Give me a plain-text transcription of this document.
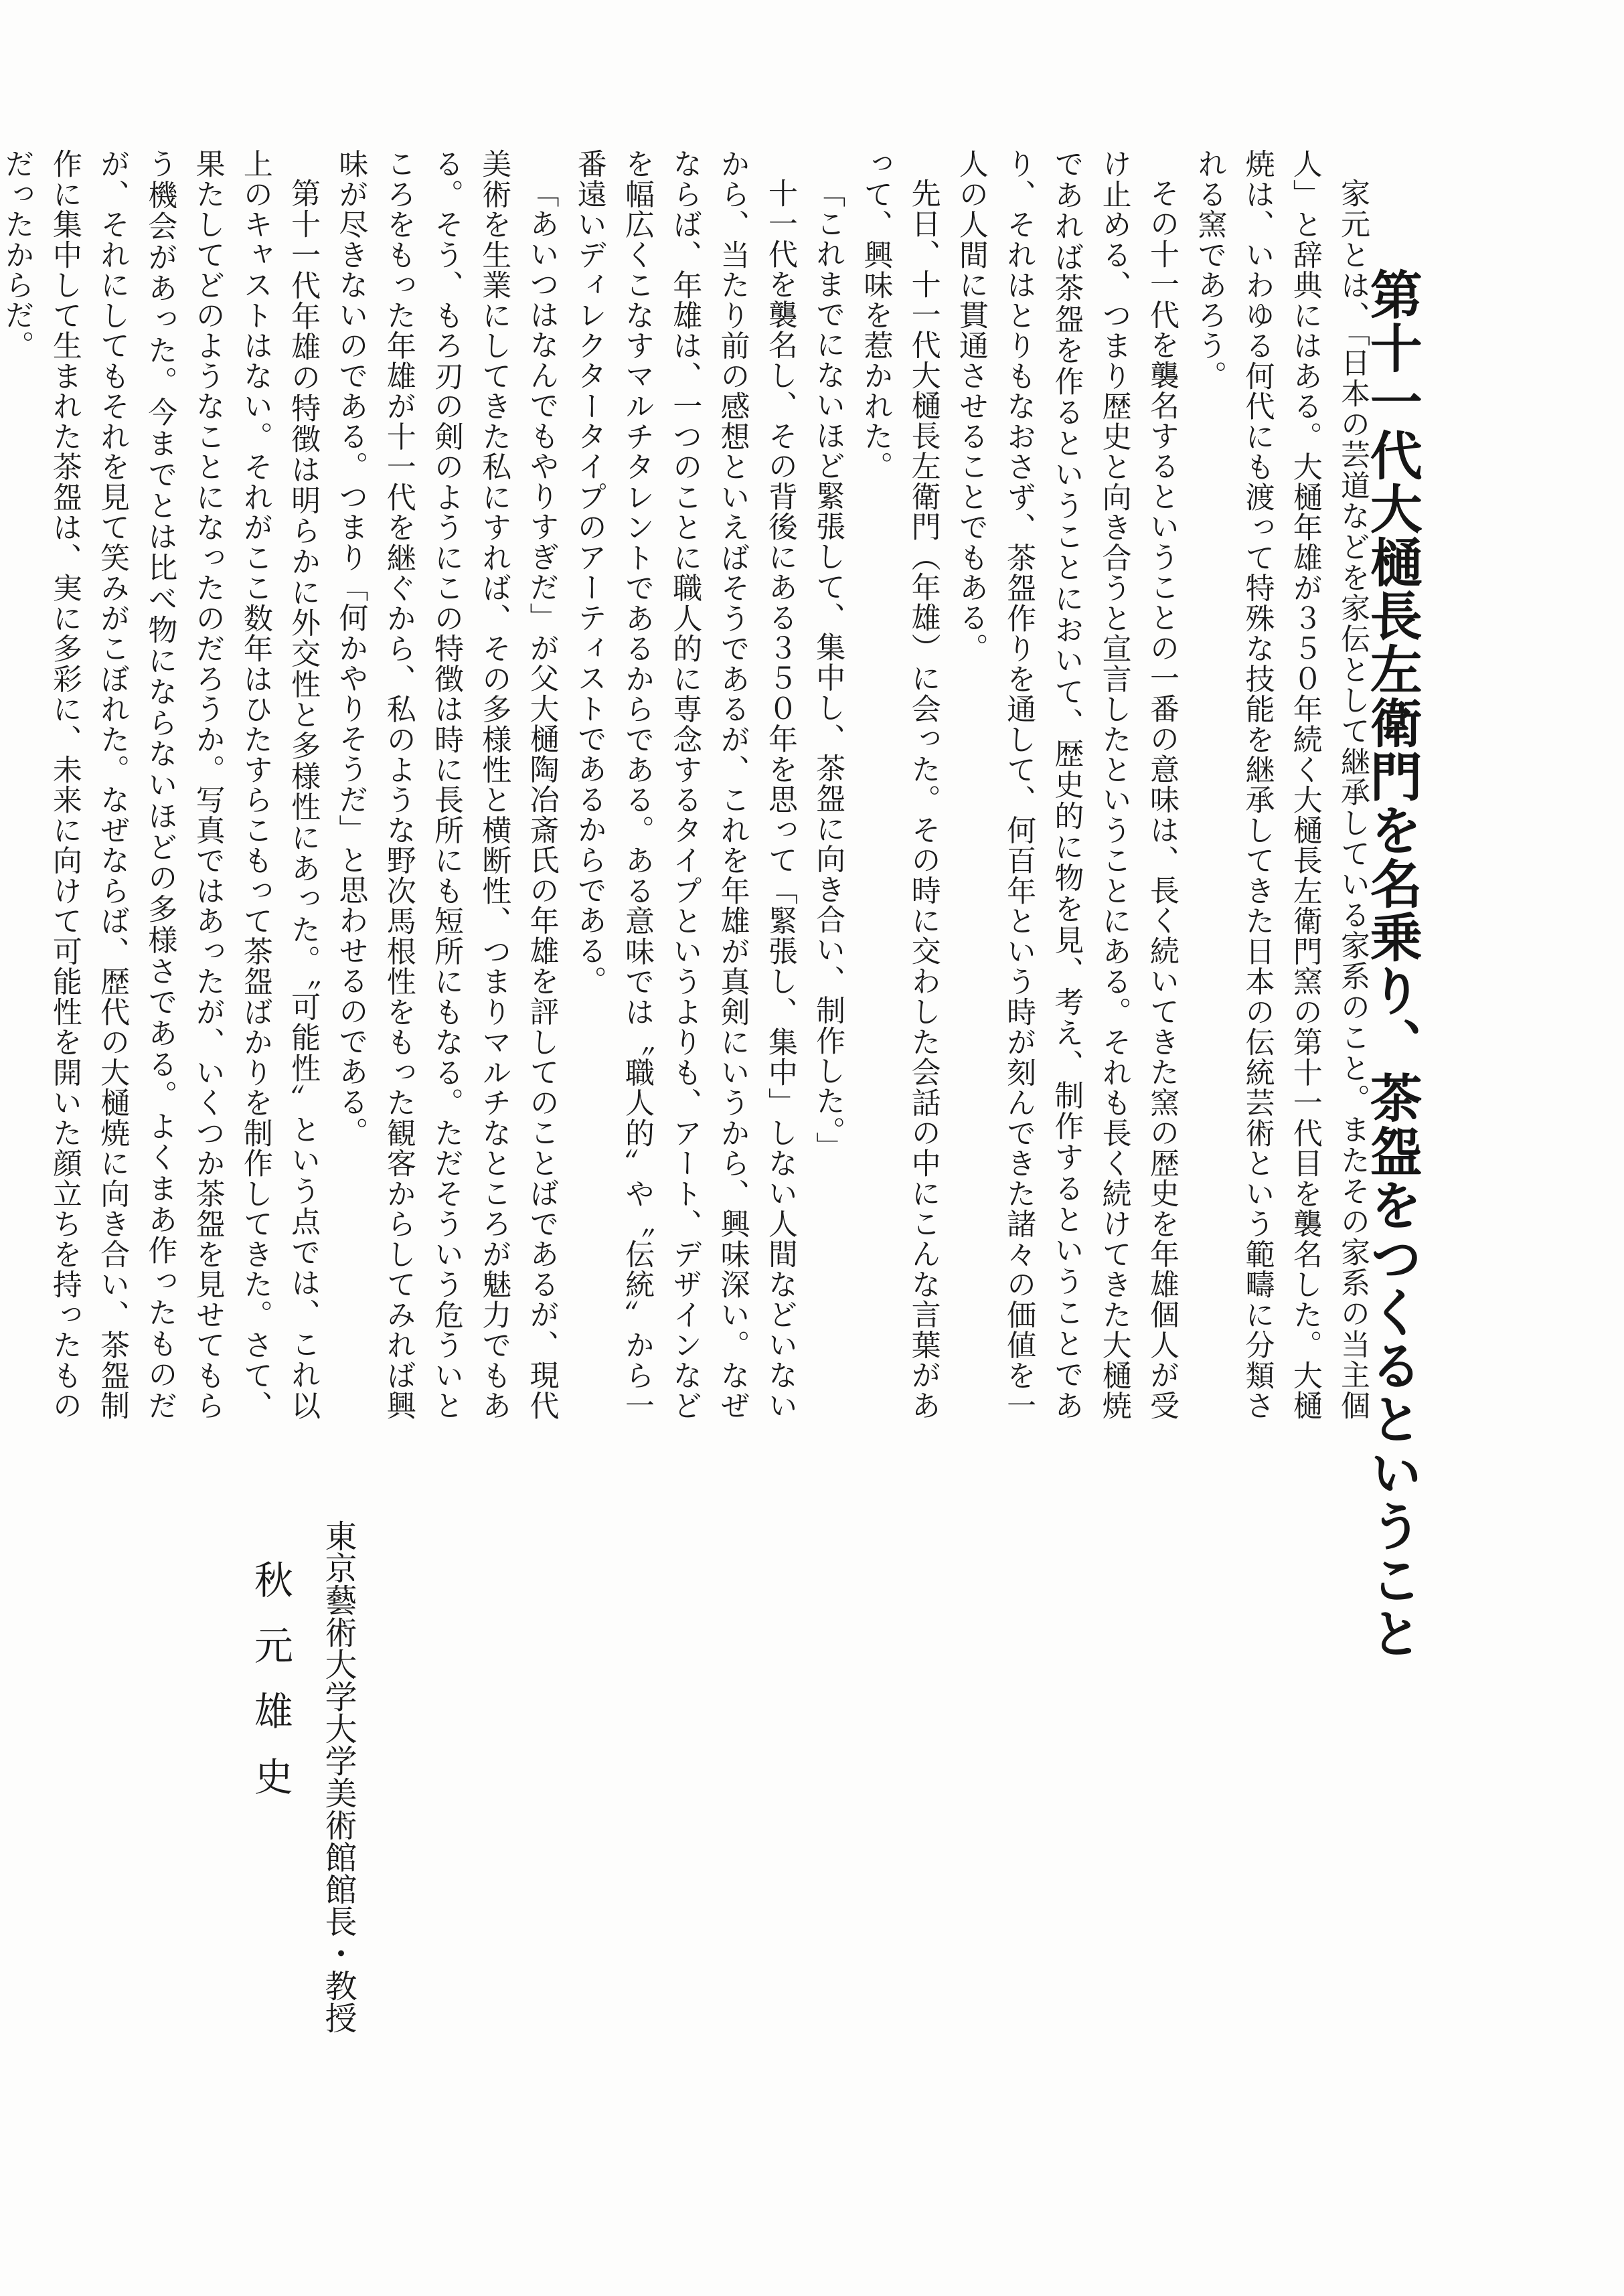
第十一代大樋長左衛門を名乗り、茶盌をつくるということ

家元とは、「日本の芸道などを家伝として継承している家系のこと。またその家系の当主個人」と辞典にはある。大樋年雄が３５０年続く大樋長左衛門窯の第十一代目を襲名した。大樋焼は、いわゆる何代にも渡って特殊な技能を継承してきた日本の伝統芸術という範疇に分類される窯であろう。

その十一代を襲名するということの一番の意味は、長く続いてきた窯の歴史を年雄個人が受け止める、つまり歴史と向き合うと宣言したということにある。それも長く続けてきた大樋焼であれば茶盌を作るということにおいて、歴史的に物を見、考え、制作するということであり、それはとりもなおさず、茶盌作りを通して、何百年という時が刻んできた諸々の価値を一人の人間に貫通させることでもある。

先日、十一代大樋長左衛門（年雄）に会った。その時に交わした会話の中にこんな言葉があって、興味を惹かれた。

「これまでにないほど緊張して、集中し、茶盌に向き合い、制作した。」

十一代を襲名し、その背後にある３５０年を思って「緊張し、集中」しない人間などいないから、当たり前の感想といえばそうであるが、これを年雄が真剣にいうから、興味深い。なぜならば、年雄は、一つのことに職人的に専念するタイプというよりも、アート、デザインなどを幅広くこなすマルチタレントであるからである。ある意味では〝職人的〟や〝伝統〟から一番遠いディレクタータイプのアーティストであるからである。

「あいつはなんでもやりすぎだ」が父大樋陶冶斎氏の年雄を評してのことばであるが、現代美術を生業にしてきた私にすれば、その多様性と横断性、つまりマルチなところが魅力でもある。そう、もろ刃の剣のようにこの特徴は時に長所にも短所にもなる。ただそういう危ういところをもった年雄が十一代を継ぐから、私のような野次馬根性をもった観客からしてみれば興味が尽きないのである。つまり「何かやりそうだ」と思わせるのである。

第十一代年雄の特徴は明らかに外交性と多様性にあった。〝可能性〟という点では、これ以上のキャストはない。それがここ数年はひたすらこもって茶盌ばかりを制作してきた。さて、果たしてどのようなことになったのだろうか。写真ではあったが、いくつか茶盌を見せてもらう機会があった。今までとは比べ物にならないほどの多様さである。よくまあ作ったものだが、それにしてもそれを見て笑みがこぼれた。なぜならば、歴代の大樋焼に向き合い、茶盌制作に集中して生まれた茶盌は、実に多彩に、未来に向けて可能性を開いた顔立ちを持ったものだったからだ。

東京藝術大学大学美術館館長・教授
秋元雄史
